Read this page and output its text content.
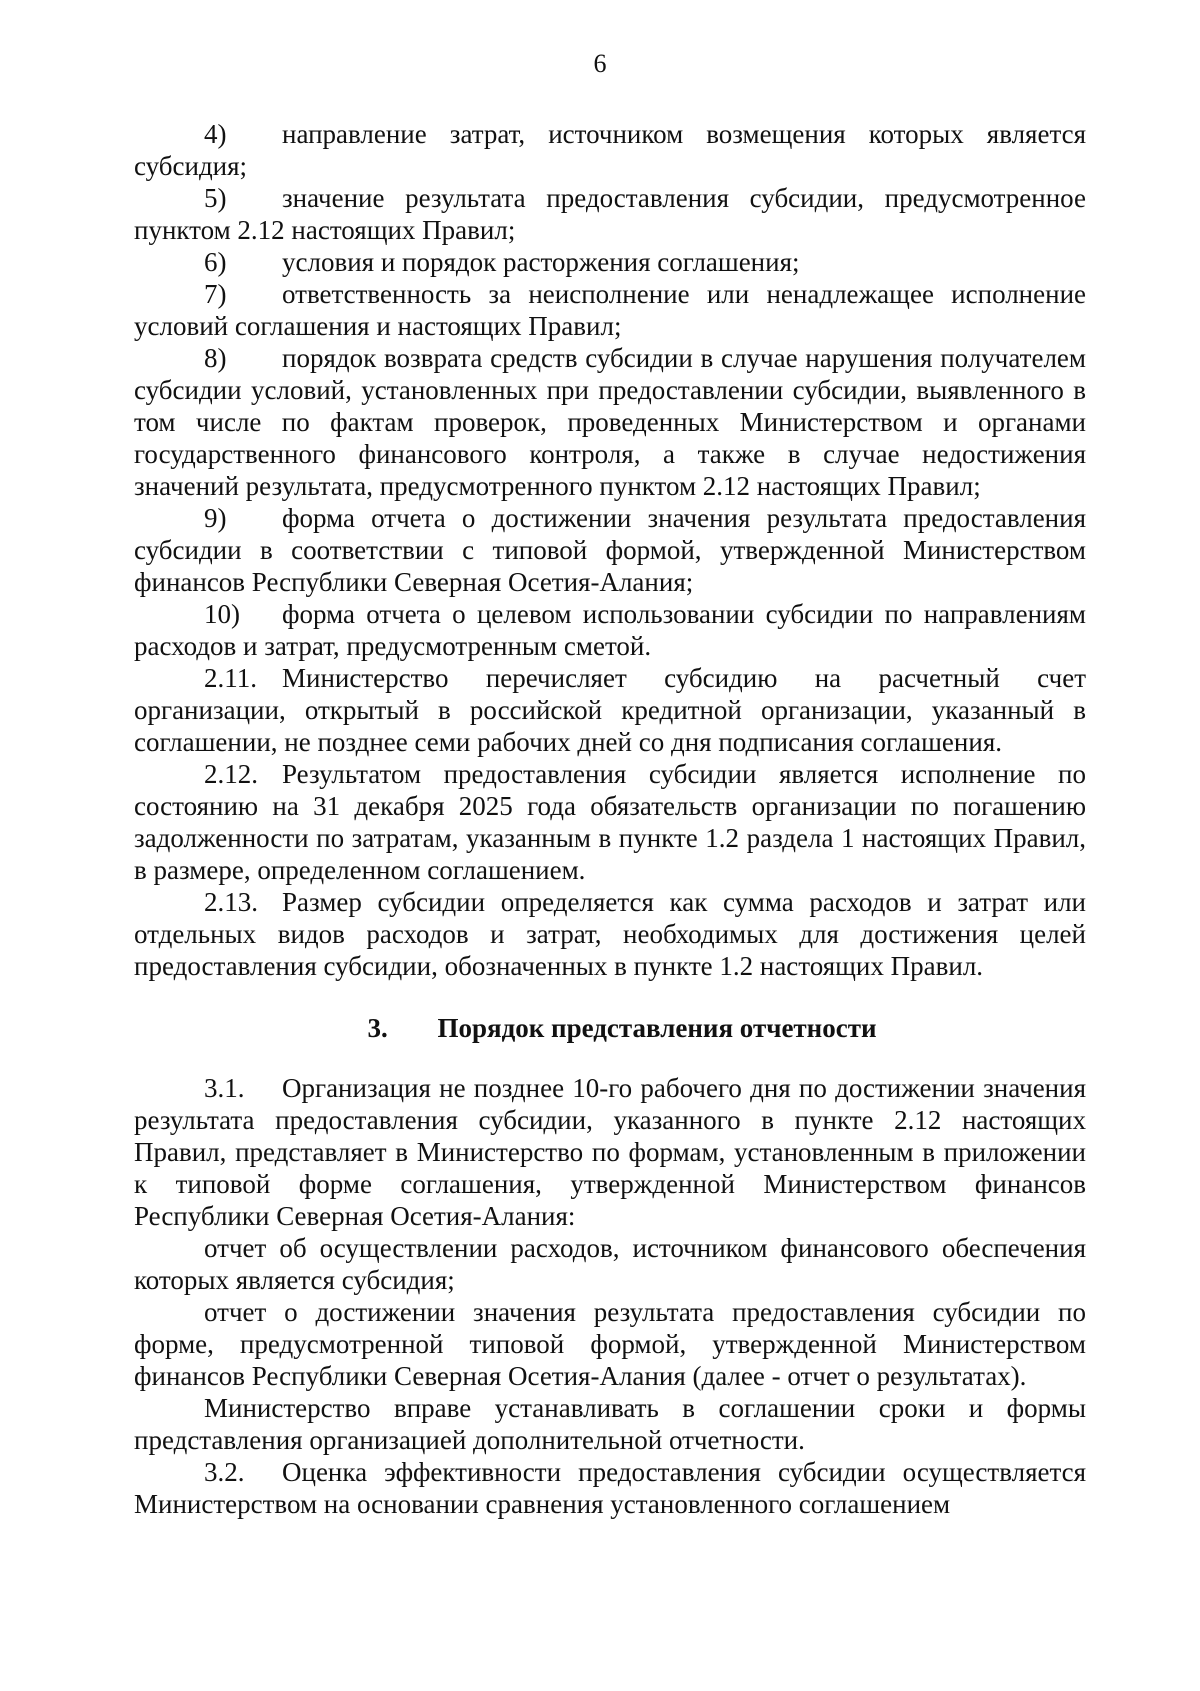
6

4) направление затрат, источником возмещения которых является субсидия;

5) значение результата предоставления субсидии, предусмотренное пунктом 2.12 настоящих Правил;

6) условия и порядок расторжения соглашения;

7) ответственность за неисполнение или ненадлежащее исполнение условий соглашения и настоящих Правил;

8) порядок возврата средств субсидии в случае нарушения получателем субсидии условий, установленных при предоставлении субсидии, выявленного в том числе по фактам проверок, проведенных Министерством и органами государственного финансового контроля, а также в случае недостижения значений результата, предусмотренного пунктом 2.12 настоящих Правил;

9) форма отчета о достижении значения результата предоставления субсидии в соответствии с типовой формой, утвержденной Министерством финансов Республики Северная Осетия-Алания;

10) форма отчета о целевом использовании субсидии по направлениям расходов и затрат, предусмотренным сметой.

2.11. Министерство перечисляет субсидию на расчетный счет организации, открытый в российской кредитной организации, указанный в соглашении, не позднее семи рабочих дней со дня подписания соглашения.

2.12. Результатом предоставления субсидии является исполнение по состоянию на 31 декабря 2025 года обязательств организации по погашению задолженности по затратам, указанным в пункте 1.2 раздела 1 настоящих Правил, в размере, определенном соглашением.

2.13. Размер субсидии определяется как сумма расходов и затрат или отдельных видов расходов и затрат, необходимых для достижения целей предоставления субсидии, обозначенных в пункте 1.2 настоящих Правил.

3. Порядок представления отчетности

3.1. Организация не позднее 10-го рабочего дня по достижении значения результата предоставления субсидии, указанного в пункте 2.12 настоящих Правил, представляет в Министерство по формам, установленным в приложении к типовой форме соглашения, утвержденной Министерством финансов Республики Северная Осетия-Алания:

отчет об осуществлении расходов, источником финансового обеспечения которых является субсидия;

отчет о достижении значения результата предоставления субсидии по форме, предусмотренной типовой формой, утвержденной Министерством финансов Республики Северная Осетия-Алания (далее - отчет о результатах).

Министерство вправе устанавливать в соглашении сроки и формы представления организацией дополнительной отчетности.

3.2. Оценка эффективности предоставления субсидии осуществляется Министерством на основании сравнения установленного соглашением
